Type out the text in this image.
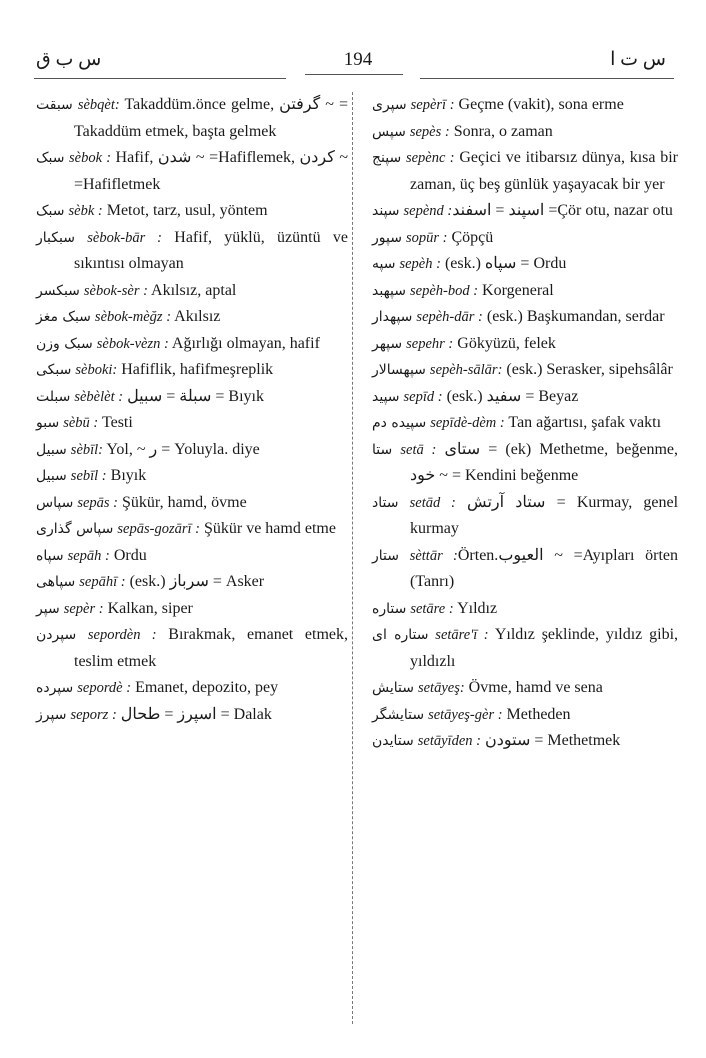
س ب ق	194	س ت ا
سبقت sèbqèt: Takaddüm.önce gelme, گرفتن ~ = Takaddüm etmek, başta gelmek
سبک sèbok : Hafif, شدن ~ =Hafiflemek, کردن ~ =Hafifletmek
سبک sèbk : Metot, tarz, usul, yöntem
سبکبار sèbok-bār : Hafif, yüklü, üzüntü ve sıkıntısı olmayan
سبکسر sèbok-sèr : Akılsız, aptal
سبک مغز sèbok-mèğz : Akılsız
سبک وزن sèbok-vèzn : Ağırlığı olmayan, hafif
سبکی sèboki: Hafiflik, hafifmeşreplik
سبلت sèbèlèt : سبلة = سبیل = Bıyık
سبو sèbū : Testi
سبیل sèbīl: Yol, ~ ر = Yoluyla. diye
سبیل sebīl : Bıyık
سپاس sepās : Şükür, hamd, övme
سپاس گذاری sepās-gozārī : Şükür ve hamd etme
سپاه sepāh : Ordu
سپاهی sepāhī : (esk.) سرباز = Asker
سپر sepèr : Kalkan, siper
سپردن sepordèn : Bırakmak, emanet etmek, teslim etmek
سپرده sepordè : Emanet, depozito, pey
سپرز seporz : اسپرز = طحال = Dalak
سپری sepèrī : Geçme (vakit), sona erme
سپس sepès : Sonra, o zaman
سپنج sepènc : Geçici ve itibarsız dünya, kısa bir zaman, üç beş günlük yaşayacak bir yer
سپند sepènd :اسپند = اسفند =Çör otu, nazar otu
سپور sopūr : Çöpçü
سپه sepèh : (esk.) سپاه = Ordu
سپهبد sepèh-bod : Korgeneral
سپهدار sepèh-dār : (esk.) Başkumandan, serdar
سپهر sepehr : Gökyüzü, felek
سپهسالار sepèh-sālār: (esk.) Serasker, sipehsâlâr
سپید sepīd : (esk.) سفید = Beyaz
سپیده دم sepīdè-dèm : Tan ağartısı, şafak vaktı
ستا setā : ستای = (ek) Methetme, beğenme, خود ~ = Kendini beğenme
ستاد setād : ستاد آرتش = Kurmay, genel kurmay
ستار sèttār :Örten.العیوب ~ =Ayıpları örten (Tanrı)
ستاره setāre : Yıldız
ستاره ای setāre'ī : Yıldız şeklinde, yıldız gibi, yıldızlı
ستایش setāyeş: Övme, hamd ve sena
ستایشگر setāyeş-gèr : Metheden
ستایدن setāyīden : ستودن = Methetmek
